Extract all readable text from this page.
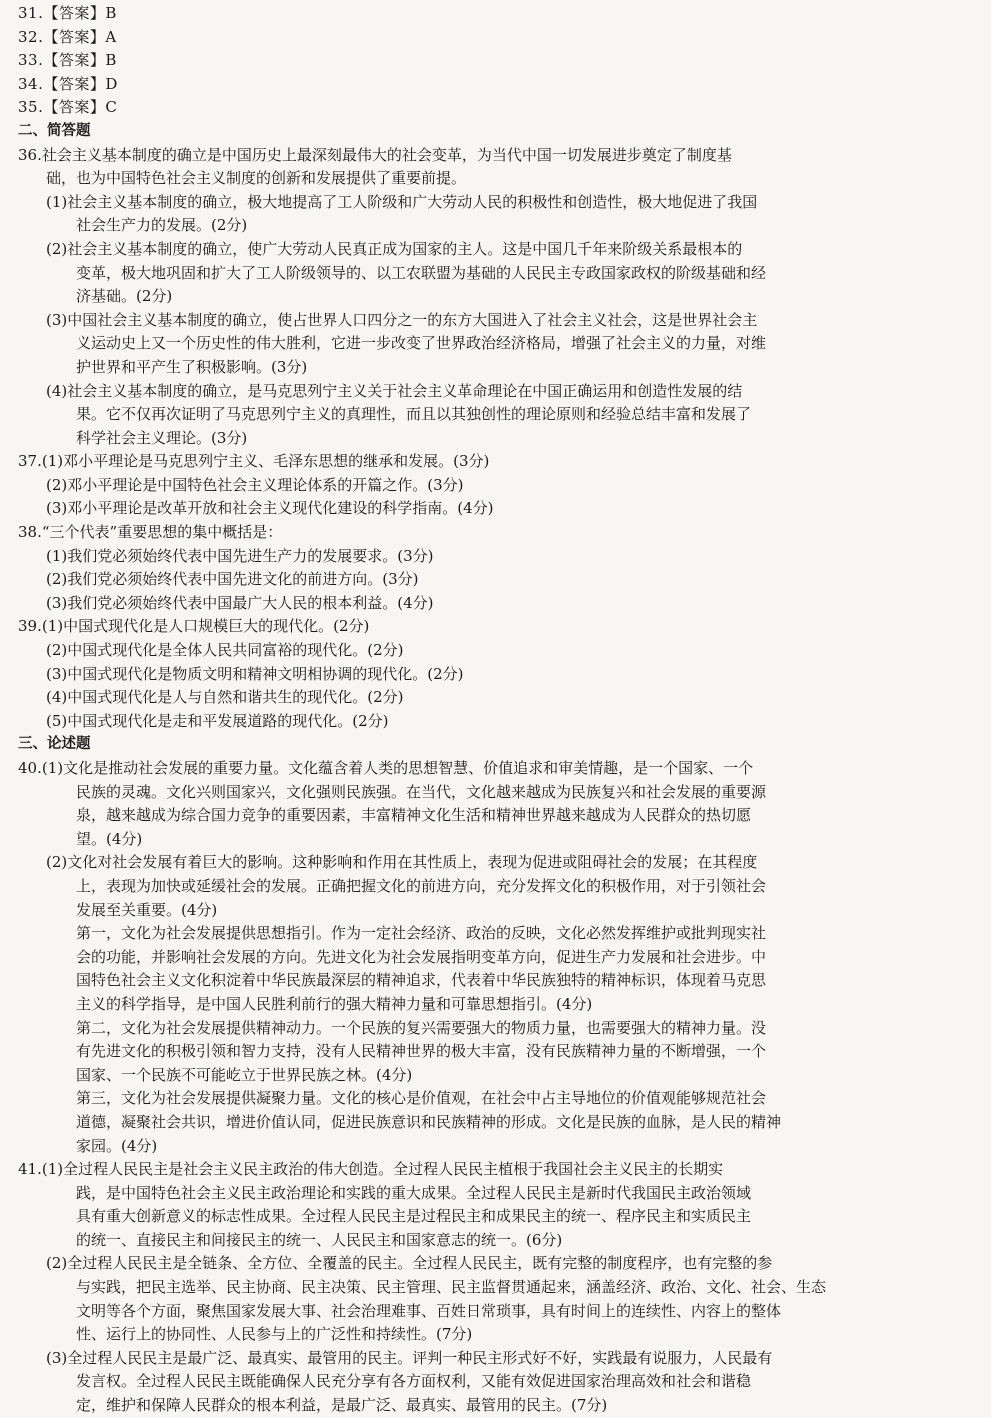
31.【答案】B
32.【答案】A
33.【答案】B
34.【答案】D
35.【答案】C
二、简答题
36.社会主义基本制度的确立是中国历史上最深刻最伟大的社会变革，为当代中国一切发展进步奠定了制度基
础，也为中国特色社会主义制度的创新和发展提供了重要前提。
(1)社会主义基本制度的确立，极大地提高了工人阶级和广大劳动人民的积极性和创造性，极大地促进了我国
社会生产力的发展。(2分)
(2)社会主义基本制度的确立，使广大劳动人民真正成为国家的主人。这是中国几千年来阶级关系最根本的
变革，极大地巩固和扩大了工人阶级领导的、以工农联盟为基础的人民民主专政国家政权的阶级基础和经
济基础。(2分)
(3)中国社会主义基本制度的确立，使占世界人口四分之一的东方大国进入了社会主义社会，这是世界社会主
义运动史上又一个历史性的伟大胜利，它进一步改变了世界政治经济格局，增强了社会主义的力量，对维
护世界和平产生了积极影响。(3分)
(4)社会主义基本制度的确立，是马克思列宁主义关于社会主义革命理论在中国正确运用和创造性发展的结
果。它不仅再次证明了马克思列宁主义的真理性，而且以其独创性的理论原则和经验总结丰富和发展了
科学社会主义理论。(3分)
37.(1)邓小平理论是马克思列宁主义、毛泽东思想的继承和发展。(3分)
(2)邓小平理论是中国特色社会主义理论体系的开篇之作。(3分)
(3)邓小平理论是改革开放和社会主义现代化建设的科学指南。(4分)
38.“三个代表”重要思想的集中概括是：
(1)我们党必须始终代表中国先进生产力的发展要求。(3分)
(2)我们党必须始终代表中国先进文化的前进方向。(3分)
(3)我们党必须始终代表中国最广大人民的根本利益。(4分)
39.(1)中国式现代化是人口规模巨大的现代化。(2分)
(2)中国式现代化是全体人民共同富裕的现代化。(2分)
(3)中国式现代化是物质文明和精神文明相协调的现代化。(2分)
(4)中国式现代化是人与自然和谐共生的现代化。(2分)
(5)中国式现代化是走和平发展道路的现代化。(2分)
三、论述题
40.(1)文化是推动社会发展的重要力量。文化蕴含着人类的思想智慧、价值追求和审美情趣，是一个国家、一个
民族的灵魂。文化兴则国家兴，文化强则民族强。在当代，文化越来越成为民族复兴和社会发展的重要源
泉，越来越成为综合国力竞争的重要因素，丰富精神文化生活和精神世界越来越成为人民群众的热切愿
望。(4分)
(2)文化对社会发展有着巨大的影响。这种影响和作用在其性质上，表现为促进或阻碍社会的发展；在其程度
上，表现为加快或延缓社会的发展。正确把握文化的前进方向，充分发挥文化的积极作用，对于引领社会
发展至关重要。(4分)
第一，文化为社会发展提供思想指引。作为一定社会经济、政治的反映，文化必然发挥维护或批判现实社
会的功能，并影响社会发展的方向。先进文化为社会发展指明变革方向，促进生产力发展和社会进步。中
国特色社会主义文化积淀着中华民族最深层的精神追求，代表着中华民族独特的精神标识，体现着马克思
主义的科学指导，是中国人民胜利前行的强大精神力量和可靠思想指引。(4分)
第二，文化为社会发展提供精神动力。一个民族的复兴需要强大的物质力量，也需要强大的精神力量。没
有先进文化的积极引领和智力支持，没有人民精神世界的极大丰富，没有民族精神力量的不断增强，一个
国家、一个民族不可能屹立于世界民族之林。(4分)
第三，文化为社会发展提供凝聚力量。文化的核心是价值观，在社会中占主导地位的价值观能够规范社会
道德，凝聚社会共识，增进价值认同，促进民族意识和民族精神的形成。文化是民族的血脉，是人民的精神
家园。(4分)
41.(1)全过程人民民主是社会主义民主政治的伟大创造。全过程人民民主植根于我国社会主义民主的长期实
践，是中国特色社会主义民主政治理论和实践的重大成果。全过程人民民主是新时代我国民主政治领域
具有重大创新意义的标志性成果。全过程人民民主是过程民主和成果民主的统一、程序民主和实质民主
的统一、直接民主和间接民主的统一、人民民主和国家意志的统一。(6分)
(2)全过程人民民主是全链条、全方位、全覆盖的民主。全过程人民民主，既有完整的制度程序，也有完整的参
与实践，把民主选举、民主协商、民主决策、民主管理、民主监督贯通起来，涵盖经济、政治、文化、社会、生态
文明等各个方面，聚焦国家发展大事、社会治理难事、百姓日常琐事，具有时间上的连续性、内容上的整体
性、运行上的协同性、人民参与上的广泛性和持续性。(7分)
(3)全过程人民民主是最广泛、最真实、最管用的民主。评判一种民主形式好不好，实践最有说服力，人民最有
发言权。全过程人民民主既能确保人民充分享有各方面权利，又能有效促进国家治理高效和社会和谐稳
定，维护和保障人民群众的根本利益，是最广泛、最真实、最管用的民主。(7分)
